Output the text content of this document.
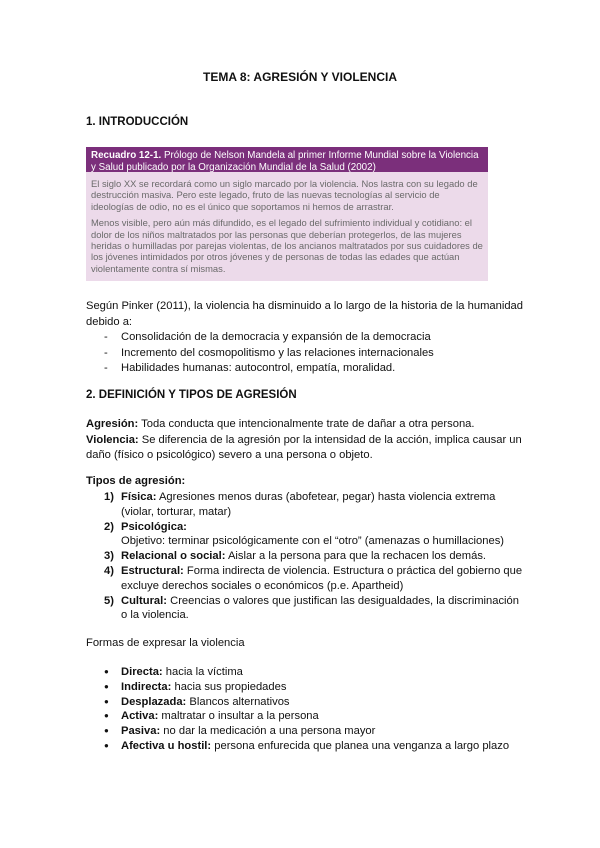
TEMA 8: AGRESIÓN Y VIOLENCIA
1. INTRODUCCIÓN
Recuadro 12-1. Prólogo de Nelson Mandela al primer Informe Mundial sobre la Violencia y Salud publicado por la Organización Mundial de la Salud (2002)

El siglo XX se recordará como un siglo marcado por la violencia. Nos lastra con su legado de destrucción masiva. Pero este legado, fruto de las nuevas tecnologías al servicio de ideologías de odio, no es el único que soportamos ni hemos de arrastrar.

Menos visible, pero aún más difundido, es el legado del sufrimiento individual y cotidiano: el dolor de los niños maltratados por las personas que deberían protegerlos, de las mujeres heridas o humilladas por parejas violentas, de los ancianos maltratados por sus cuidadores de los jóvenes intimidados por otros jóvenes y de personas de todas las edades que actúan violentamente contra sí mismas.

Según Pinker (2011), la violencia ha disminuido a lo largo de la historia de la humanidad debido a:
- Consolidación de la democracia y expansión de la democracia
- Incremento del cosmopolitismo y las relaciones internacionales
- Habilidades humanas: autocontrol, empatía, moralidad.
2. DEFINICIÓN Y TIPOS DE AGRESIÓN
Agresión: Toda conducta que intencionalmente trate de dañar a otra persona.
Violencia: Se diferencia de la agresión por la intensidad de la acción, implica causar un daño (físico o psicológico) severo a una persona o objeto.
Tipos de agresión:
1) Física: Agresiones menos duras (abofetear, pegar) hasta violencia extrema (violar, torturar, matar)
2) Psicológica:
Objetivo: terminar psicológicamente con el “otro” (amenazas o humillaciones)
3) Relacional o social: Aislar a la persona para que la rechacen los demás.
4) Estructural: Forma indirecta de violencia. Estructura o práctica del gobierno que excluye derechos sociales o económicos (p.e. Apartheid)
5) Cultural: Creencias o valores que justifican las desigualdades, la discriminación o la violencia.
Formas de expresar la violencia
● Directa: hacia la víctima
● Indirecta: hacia sus propiedades
● Desplazada: Blancos alternativos
● Activa: maltratar o insultar a la persona
● Pasiva: no dar la medicación a una persona mayor
● Afectiva u hostil: persona enfurecida que planea una venganza a largo plazo
